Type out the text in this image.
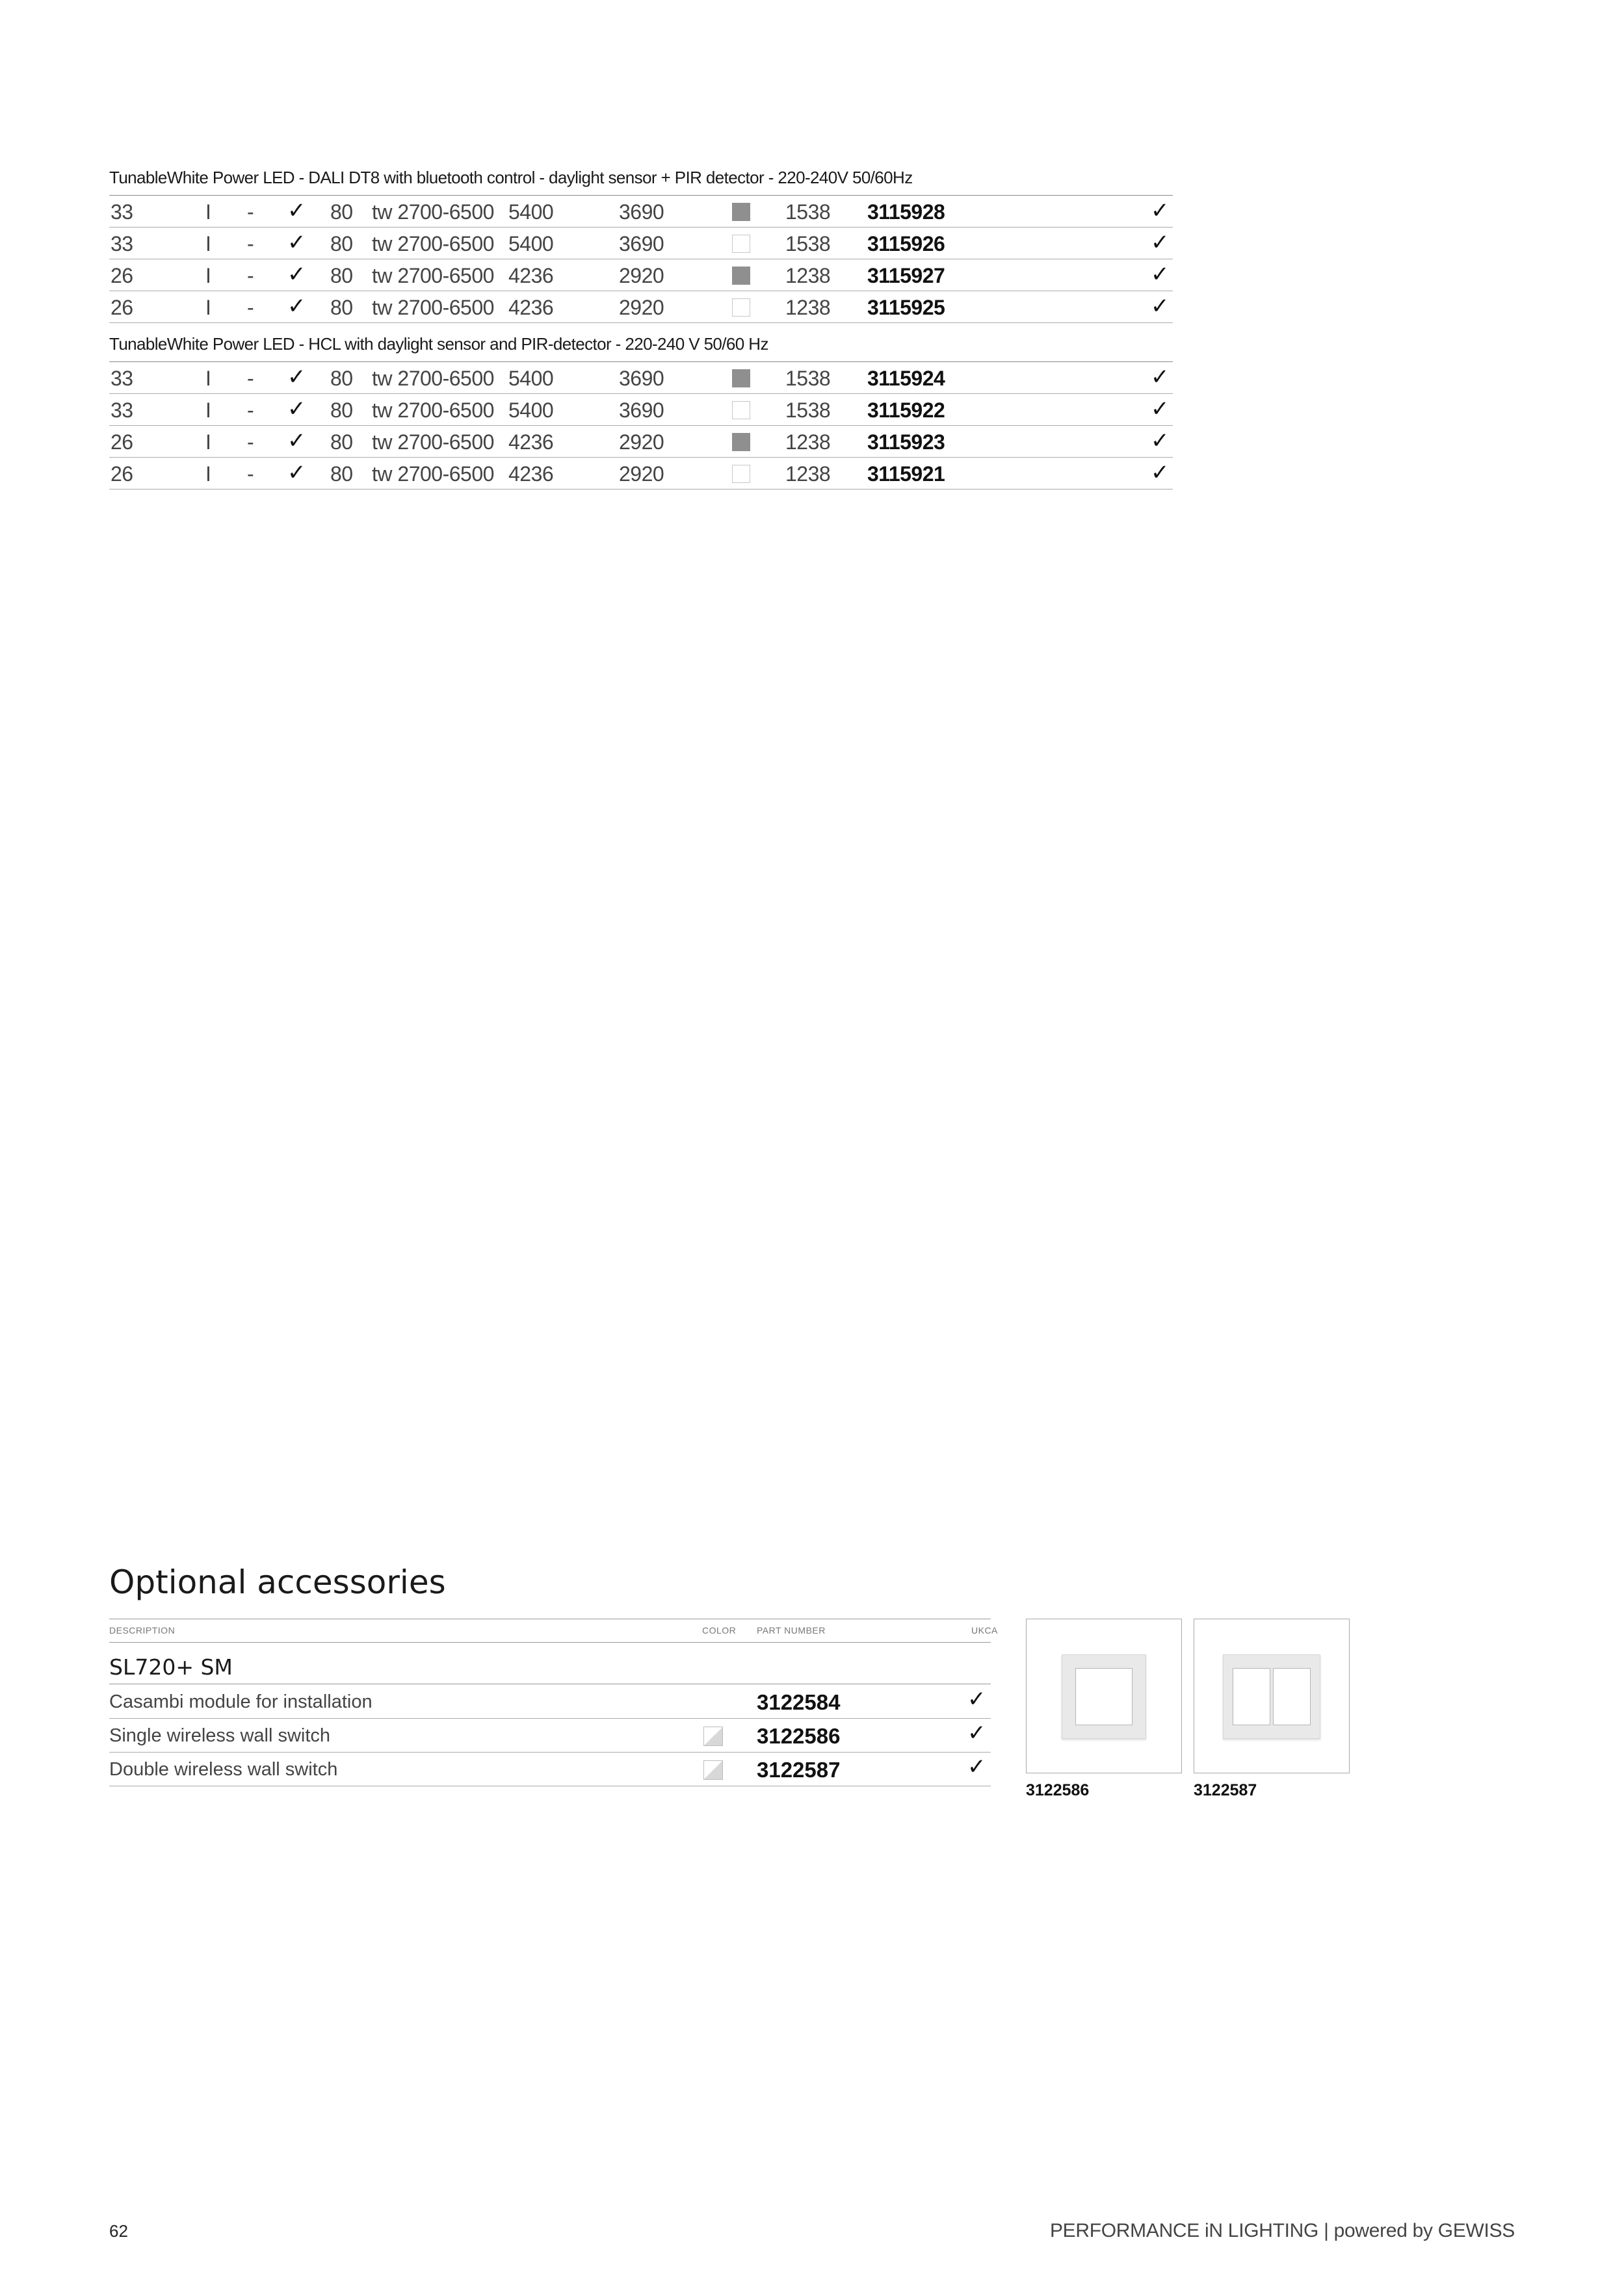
TunableWhite Power LED - DALI DT8 with bluetooth control - daylight sensor + PIR detector - 220-240V 50/60Hz
33	I - ✓ 80 tw 2700-6500 5400	3690	1538 3115928	✓
33	I - ✓ 80 tw 2700-6500 5400	3690	1538 3115926	✓
26	I - ✓ 80 tw 2700-6500 4236	2920	1238 3115927	✓
26	I - ✓ 80 tw 2700-6500 4236	2920	1238 3115925	✓
TunableWhite Power LED - HCL with daylight sensor and PIR-detector - 220-240 V 50/60 Hz
33	I - ✓ 80 tw 2700-6500 5400	3690	1538 3115924	✓
33	I - ✓ 80 tw 2700-6500 5400	3690	1538 3115922	✓
26	I - ✓ 80 tw 2700-6500 4236	2920	1238 3115923	✓
26	I - ✓ 80 tw 2700-6500 4236	2920	1238 3115921	✓
Optional accessories
DESCRIPTION	COLOR PART NUMBER	UKCA
SL720+ SM
Casambi module for installation	3122584	✓
Single wireless wall switch	3122586	✓
Double wireless wall switch	3122587	✓
3122586	3122587
62	PERFORMANCE iN LIGHTING | powered by GEWISS
